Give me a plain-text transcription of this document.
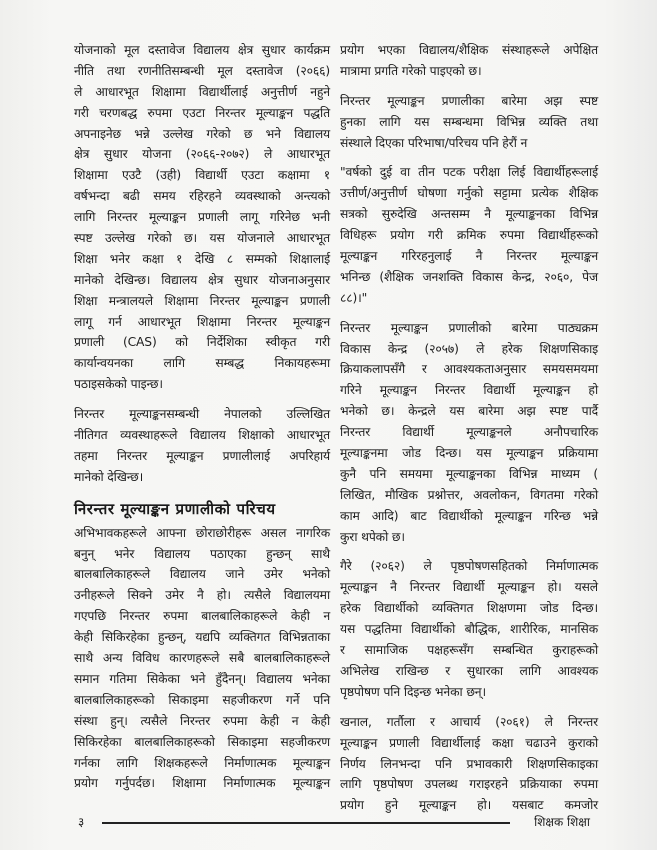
योजनाको मूल दस्तावेज विद्यालय क्षेत्र सुधार कार्यक्रम
नीति तथा रणनीतिसम्बन्धी मूल दस्तावेज (२०६६)
ले आधारभूत शिक्षामा विद्यार्थीलाई अनुत्तीर्ण नहुने
गरी चरणबद्ध रुपमा एउटा निरन्तर मूल्याङ्कन पद्धति
अपनाइनेछ भन्ने उल्लेख गरेको छ भने विद्यालय
क्षेत्र सुधार योजना (२०६६-२०७२) ले आधारभूत
शिक्षामा एउटै (उही) विद्यार्थी एउटा कक्षामा १
वर्षभन्दा बढी समय रहिरहने व्यवस्थाको अन्त्यको
लागि निरन्तर मूल्याङ्कन प्रणाली लागू गरिनेछ भनी
स्पष्ट उल्लेख गरेको छ। यस योजनाले आधारभूत
शिक्षा भनेर कक्षा १ देखि ८ सम्मको शिक्षालाई
मानेको देखिन्छ। विद्यालय क्षेत्र सुधार योजनाअनुसार
शिक्षा मन्त्रालयले शिक्षामा निरन्तर मूल्याङ्कन प्रणाली
लागू गर्न आधारभूत शिक्षामा निरन्तर मूल्याङ्कन
प्रणाली (CAS) को निर्देशिका स्वीकृत गरी
कार्यान्वयनका लागि सम्बद्ध निकायहरूमा
पठाइसकेको पाइन्छ।
निरन्तर मूल्याङ्कनसम्बन्धी नेपालको उल्लिखित
नीतिगत व्यवस्थाहरूले विद्यालय शिक्षाको आधारभूत
तहमा निरन्तर मूल्याङ्कन प्रणालीलाई अपरिहार्य
मानेको देखिन्छ।
निरन्तर मूल्याङ्कन प्रणालीको परिचय
अभिभावकहरूले आफ्ना छोराछोरीहरू असल नागरिक
बनुन् भनेर विद्यालय पठाएका हुन्छन् साथै
बालबालिकाहरूले विद्यालय जाने उमेर भनेको
उनीहरूले सिक्ने उमेर नै हो। त्यसैले विद्यालयमा
गएपछि निरन्तर रुपमा बालबालिकाहरूले केही न
केही सिकिरहेका हुन्छन्, यद्यपि व्यक्तिगत विभिन्नताका
साथै अन्य विविध कारणहरूले सबै बालबालिकाहरूले
समान गतिमा सिकेका भने हुँदैनन्। विद्यालय भनेका
बालबालिकाहरूको सिकाइमा सहजीकरण गर्ने पनि
संस्था हुन्। त्यसैले निरन्तर रुपमा केही न केही
सिकिरहेका बालबालिकाहरूको सिकाइमा सहजीकरण
गर्नका लागि शिक्षकहरूले निर्माणात्मक मूल्याङ्कन
प्रयोग गर्नुपर्दछ। शिक्षामा निर्माणात्मक मूल्याङ्कन
प्रयोग भएका विद्यालय/शैक्षिक संस्थाहरूले अपेक्षित
मात्रामा प्रगति गरेको पाइएको छ।
निरन्तर मूल्याङ्कन प्रणालीका बारेमा अझ स्पष्ट
हुनका लागि यस सम्बन्धमा विभिन्न व्यक्ति तथा
संस्थाले दिएका परिभाषा/परिचय पनि हेरौं न
"वर्षको दुई वा तीन पटक परीक्षा लिई विद्यार्थीहरूलाई
उत्तीर्ण/अनुत्तीर्ण घोषणा गर्नुको सट्टामा प्रत्येक शैक्षिक
सत्रको सुरुदेखि अन्तसम्म नै मूल्याङ्कनका विभिन्न
विधिहरू प्रयोग गरी क्रमिक रुपमा विद्यार्थीहरूको
मूल्याङ्कन गरिरहनुलाई नै निरन्तर मूल्याङ्कन
भनिन्छ (शैक्षिक जनशक्ति विकास केन्द्र, २०६०, पेज
८८)।"
निरन्तर मूल्याङ्कन प्रणालीको बारेमा पाठ्यक्रम
विकास केन्द्र (२०५७) ले हरेक शिक्षणसिकाइ
क्रियाकलापसँगै र आवश्यकताअनुसार समयसमयमा
गरिने मूल्याङ्कन निरन्तर विद्यार्थी मूल्याङ्कन हो
भनेको छ। केन्द्रले यस बारेमा अझ स्पष्ट पार्दै
निरन्तर विद्यार्थी मूल्याङ्कनले अनौपचारिक
मूल्याङ्कनमा जोड दिन्छ। यस मूल्याङ्कन प्रक्रियामा
कुनै पनि समयमा मूल्याङ्कनका विभिन्न माध्यम (
लिखित, मौखिक प्रश्नोत्तर, अवलोकन, विगतमा गरेको
काम आदि) बाट विद्यार्थीको मूल्याङ्कन गरिन्छ भन्ने
कुरा थपेको छ।
गैरे (२०६२) ले पृष्ठपोषणसहितको निर्माणात्मक
मूल्याङ्कन नै निरन्तर विद्यार्थी मूल्याङ्कन हो। यसले
हरेक विद्यार्थीको व्यक्तिगत शिक्षणमा जोड दिन्छ।
यस पद्धतिमा विद्यार्थीको बौद्धिक, शारीरिक, मानसिक
र सामाजिक पक्षहरूसँग सम्बन्धित कुराहरूको
अभिलेख राखिन्छ र सुधारका लागि आवश्यक
पृष्ठपोषण पनि दिइन्छ भनेका छन्।
खनाल, गर्तौला र आचार्य (२०६१) ले निरन्तर
मूल्याङ्कन प्रणाली विद्यार्थीलाई कक्षा चढाउने कुराको
निर्णय लिनभन्दा पनि प्रभावकारी शिक्षणसिकाइका
लागि पृष्ठपोषण उपलब्ध गराइरहने प्रक्रियाका रुपमा
प्रयोग हुने मूल्याङ्कन हो। यसबाट कमजोर
३	शिक्षक शिक्षा
